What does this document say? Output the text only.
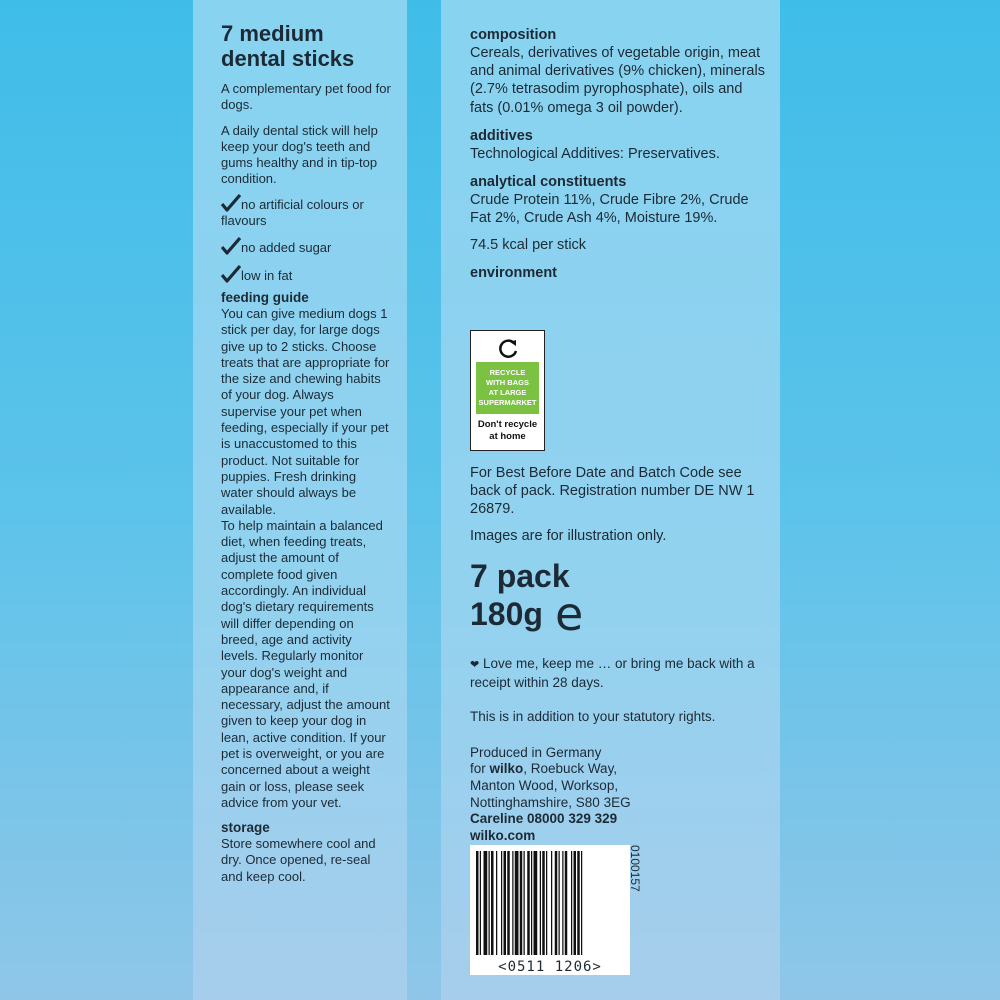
7 medium
dental sticks

A complementary pet food for dogs.

A daily dental stick will help keep your dog's teeth and gums healthy and in tip-top condition.

no artificial colours or flavours
no added sugar
low in fat
feeding guide

You can give medium dogs 1 stick per day, for large dogs give up to 2 sticks. Choose treats that are appropriate for the size and chewing habits of your dog. Always supervise your pet when feeding, especially if your pet is unaccustomed to this product. Not suitable for puppies. Fresh drinking water should always be available.

To help maintain a balanced diet, when feeding treats, adjust the amount of complete food given accordingly. An individual dog's dietary requirements will differ depending on breed, age and activity levels. Regularly monitor your dog's weight and appearance and, if necessary, adjust the amount given to keep your dog in lean, active condition. If your pet is overweight, or you are concerned about a weight gain or loss, please seek advice from your vet.

storage

Store somewhere cool and dry. Once opened, re-seal and keep cool.

composition

Cereals, derivatives of vegetable origin, meat and animal derivatives (9% chicken), minerals (2.7% tetrasodim pyrophosphate), oils and fats (0.01% omega 3 oil powder).

additives

Technological Additives: Preservatives.

analytical constituents

Crude Protein 11%, Crude Fibre 2%, Crude Fat 2%, Crude Ash 4%, Moisture 19%.

74.5 kcal per stick

environment
RECYCLE
WITH BAGS
AT LARGE
SUPERMARKET
Don't recycle
at home

For Best Before Date and Batch Code see back of pack. Registration number DE NW 1 26879.

Images are for illustration only.

7 pack
180g e
❤ Love me, keep me … or bring me back with a receipt within 28 days.
This is in addition to your statutory rights.
Produced in Germany
for wilko, Roebuck Way,
Manton Wood, Worksop,
Nottinghamshire, S80 3EG
Careline 08000 329 329
wilko.com
<0511 1206>
0100157
